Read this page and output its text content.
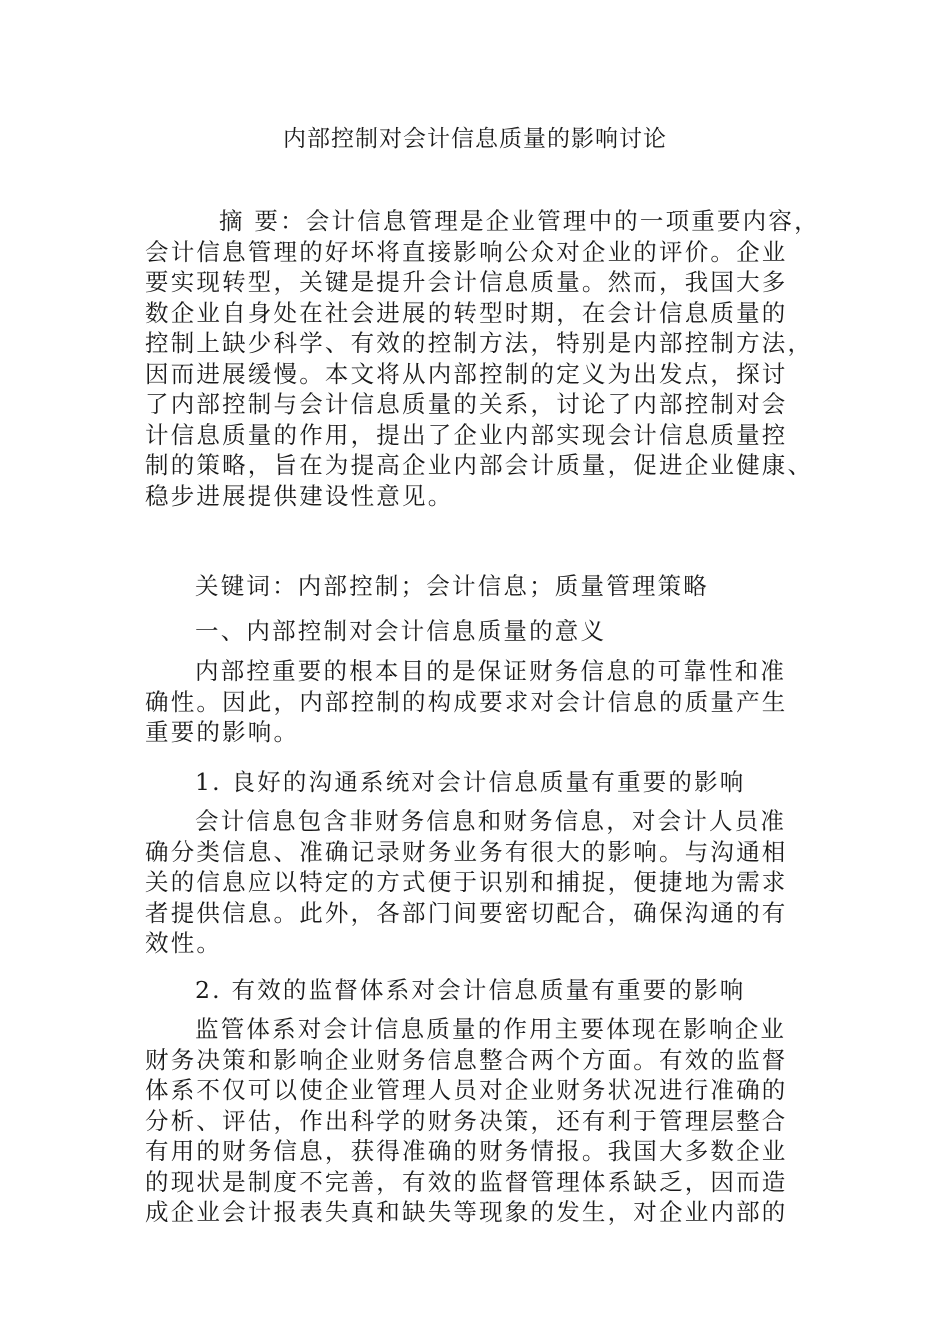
内部控制对会计信息质量的影响讨论
摘 要：会计信息管理是企业管理中的一项重要内容，
会计信息管理的好坏将直接影响公众对企业的评价。企业
要实现转型，关键是提升会计信息质量。然而，我国大多
数企业自身处在社会进展的转型时期，在会计信息质量的
控制上缺少科学、有效的控制方法，特别是内部控制方法，
因而进展缓慢。本文将从内部控制的定义为出发点，探讨
了内部控制与会计信息质量的关系，讨论了内部控制对会
计信息质量的作用，提出了企业内部实现会计信息质量控
制的策略，旨在为提高企业内部会计质量，促进企业健康、
稳步进展提供建设性意见。
关键词：内部控制；会计信息；质量管理策略
一、内部控制对会计信息质量的意义
内部控重要的根本目的是保证财务信息的可靠性和准
确性。因此，内部控制的构成要求对会计信息的质量产生
重要的影响。
1. 良好的沟通系统对会计信息质量有重要的影响
会计信息包含非财务信息和财务信息，对会计人员准
确分类信息、准确记录财务业务有很大的影响。与沟通相
关的信息应以特定的方式便于识别和捕捉，便捷地为需求
者提供信息。此外，各部门间要密切配合，确保沟通的有
效性。
2. 有效的监督体系对会计信息质量有重要的影响
监管体系对会计信息质量的作用主要体现在影响企业
财务决策和影响企业财务信息整合两个方面。有效的监督
体系不仅可以使企业管理人员对企业财务状况进行准确的
分析、评估，作出科学的财务决策，还有利于管理层整合
有用的财务信息，获得准确的财务情报。我国大多数企业
的现状是制度不完善，有效的监督管理体系缺乏，因而造
成企业会计报表失真和缺失等现象的发生，对企业内部的
